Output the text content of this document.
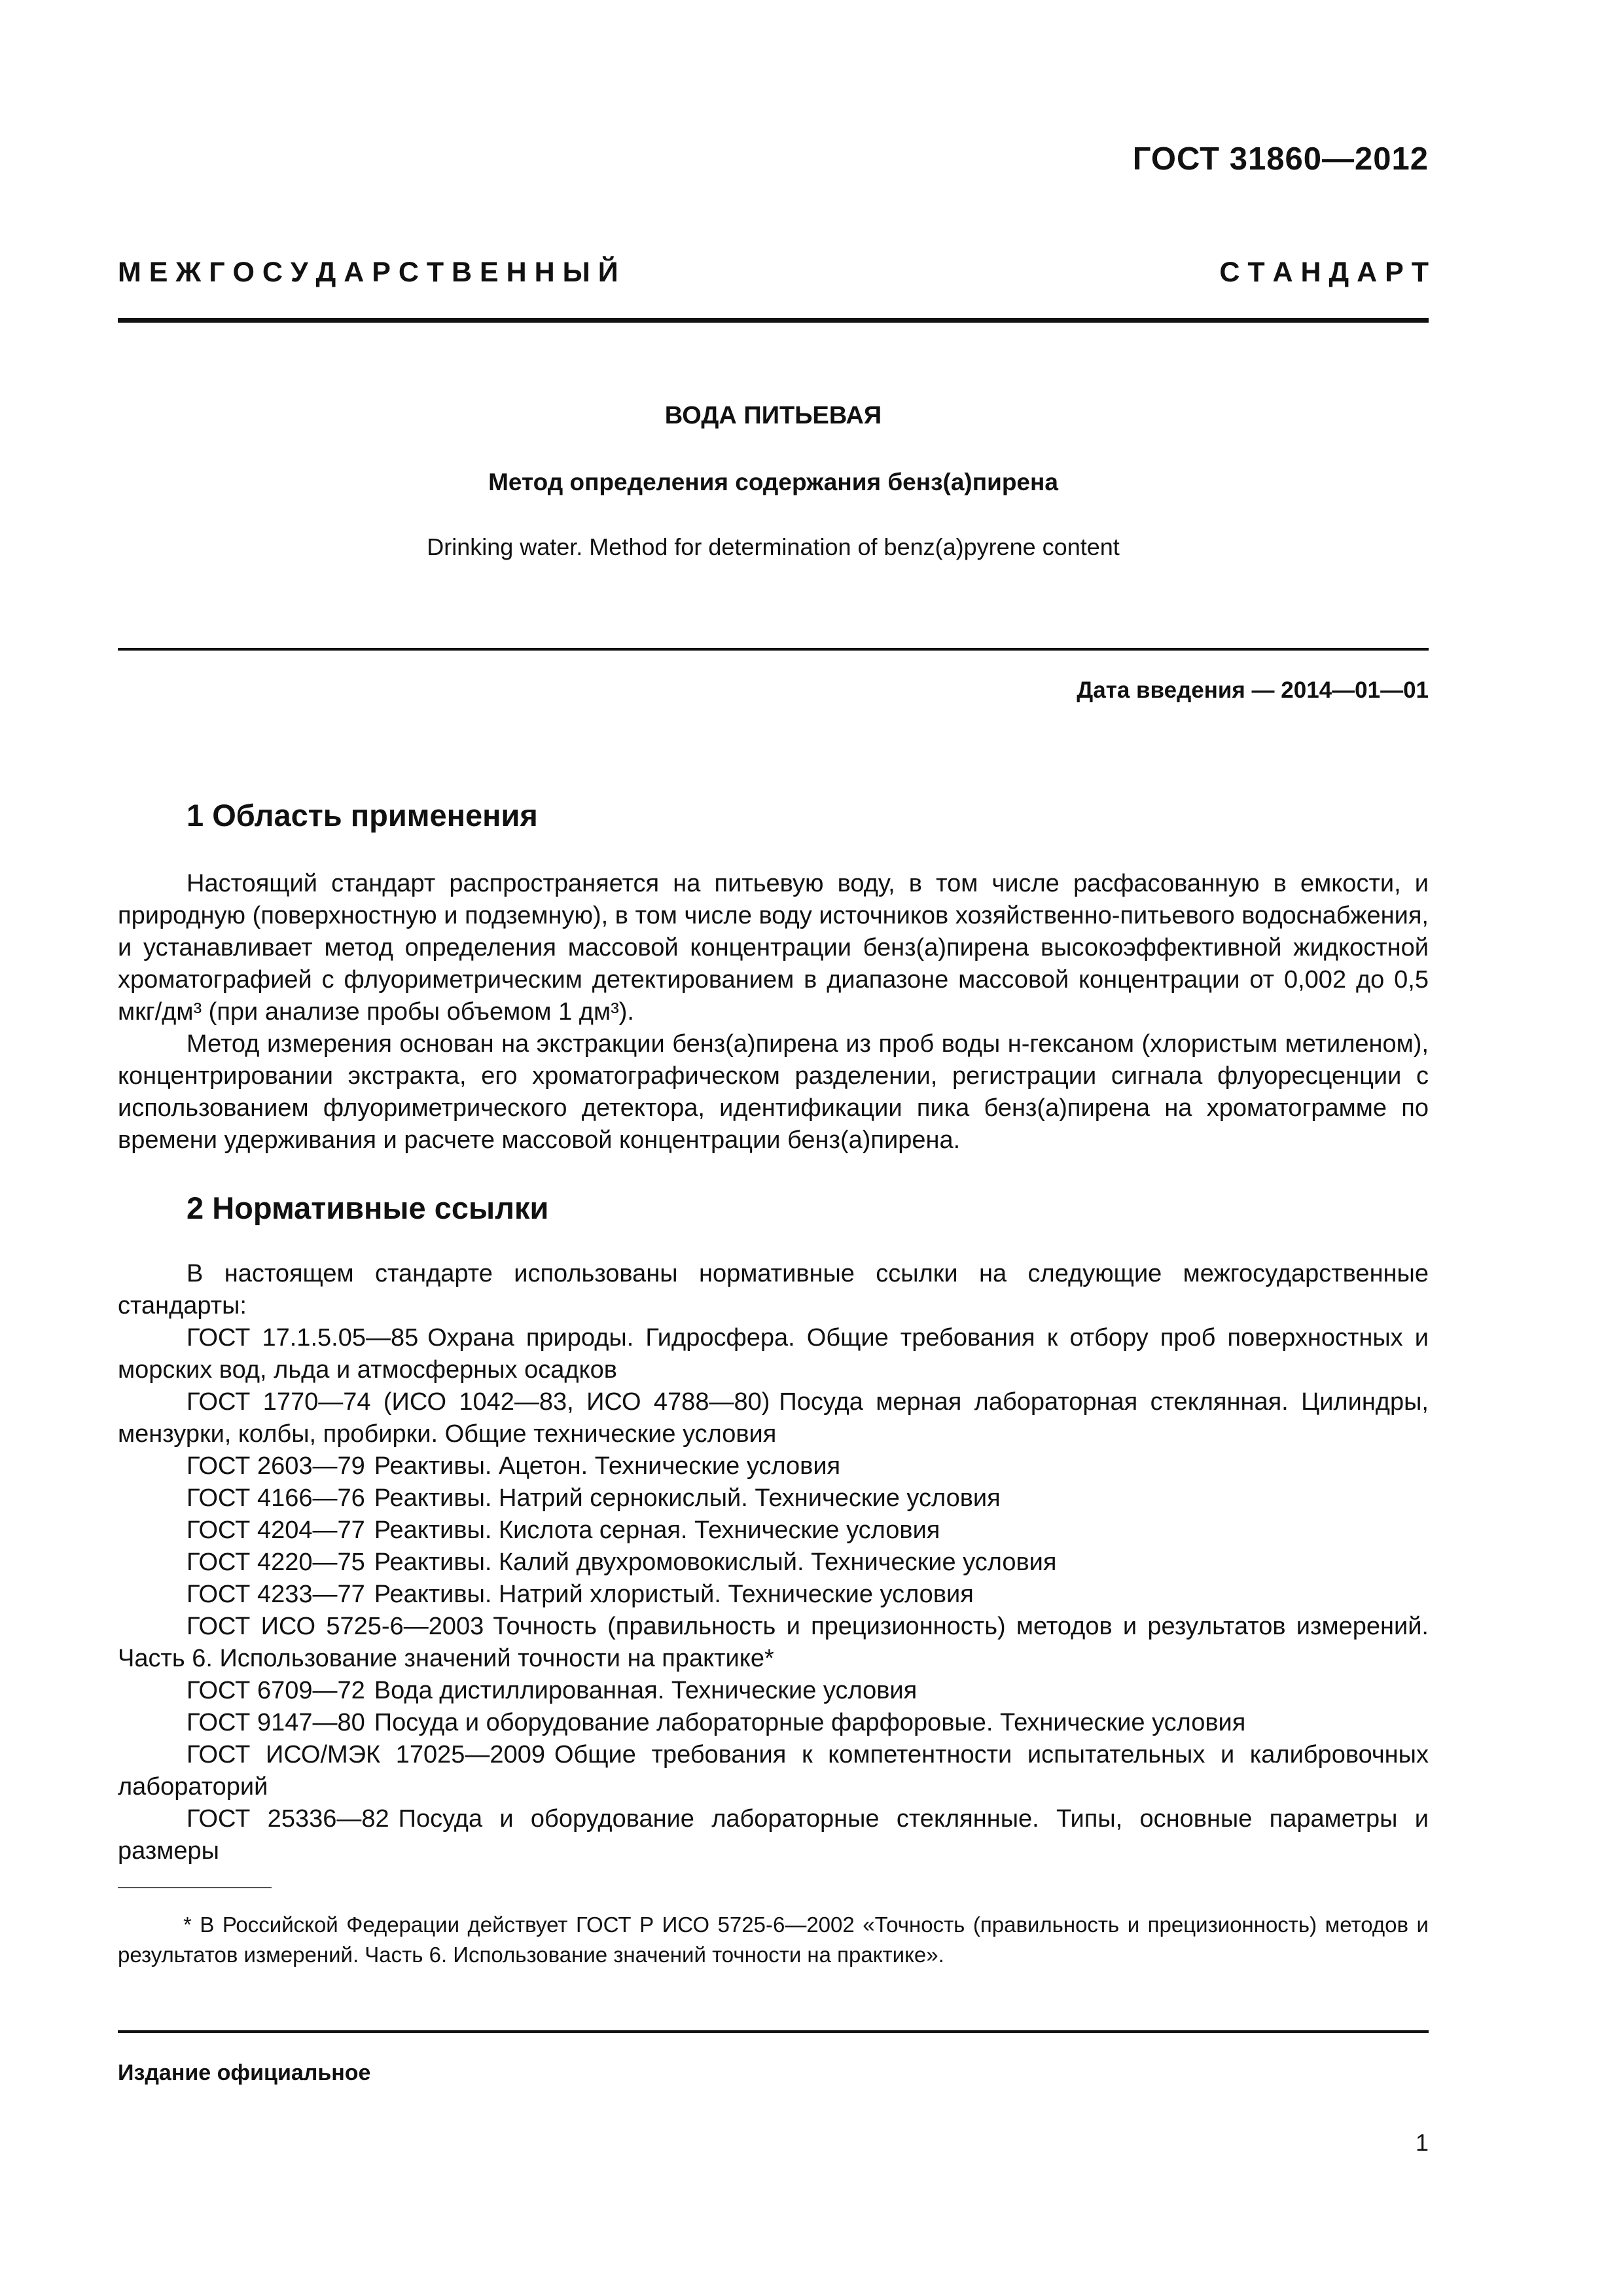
ГОСТ 31860—2012
М Е Ж Г О С У Д А Р С Т В Е Н Н Ы Й	С Т А Н Д А Р Т
ВОДА ПИТЬЕВАЯ
Метод определения содержания бенз(а)пирена
Drinking water. Method for determination of benz(a)pyrene content
Дата введения — 2014—01—01
1 Область применения

Настоящий стандарт распространяется на питьевую воду, в том числе расфасованную в емкости, и природную (поверхностную и подземную), в том числе воду источников хозяйственно-питьевого водоснабжения, и устанавливает метод определения массовой концентрации бенз(а)пирена высокоэффективной жидкостной хроматографией с флуориметрическим детектированием в диапазоне массовой концентрации от 0,002 до 0,5 мкг/дм³ (при анализе пробы объемом 1 дм³).

Метод измерения основан на экстракции бенз(а)пирена из проб воды н-гексаном (хлористым метиленом), концентрировании экстракта, его хроматографическом разделении, регистрации сигнала флуоресценции с использованием флуориметрического детектора, идентификации пика бенз(а)пирена на хроматограмме по времени удерживания и расчете массовой концентрации бенз(а)пирена.

2 Нормативные ссылки

В настоящем стандарте использованы нормативные ссылки на следующие межгосударственные стандарты:

ГОСТ 17.1.5.05—85 Охрана природы. Гидросфера. Общие требования к отбору проб поверхностных и морских вод, льда и атмосферных осадков

ГОСТ 1770—74 (ИСО 1042—83, ИСО 4788—80) Посуда мерная лабораторная стеклянная. Цилиндры, мензурки, колбы, пробирки. Общие технические условия

ГОСТ 2603—79 Реактивы. Ацетон. Технические условия

ГОСТ 4166—76 Реактивы. Натрий сернокислый. Технические условия

ГОСТ 4204—77 Реактивы. Кислота серная. Технические условия

ГОСТ 4220—75 Реактивы. Калий двухромовокислый. Технические условия

ГОСТ 4233—77 Реактивы. Натрий хлористый. Технические условия

ГОСТ ИСО 5725-6—2003 Точность (правильность и прецизионность) методов и результатов измерений. Часть 6. Использование значений точности на практике*

ГОСТ 6709—72 Вода дистиллированная. Технические условия

ГОСТ 9147—80 Посуда и оборудование лабораторные фарфоровые. Технические условия

ГОСТ ИСО/МЭК 17025—2009 Общие требования к компетентности испытательных и калибровочных лабораторий

ГОСТ 25336—82 Посуда и оборудование лабораторные стеклянные. Типы, основные параметры и размеры

* В Российской Федерации действует ГОСТ Р ИСО 5725-6—2002 «Точность (правильность и прецизионность) методов и результатов измерений. Часть 6. Использование значений точности на практике».

Издание официальное
1
